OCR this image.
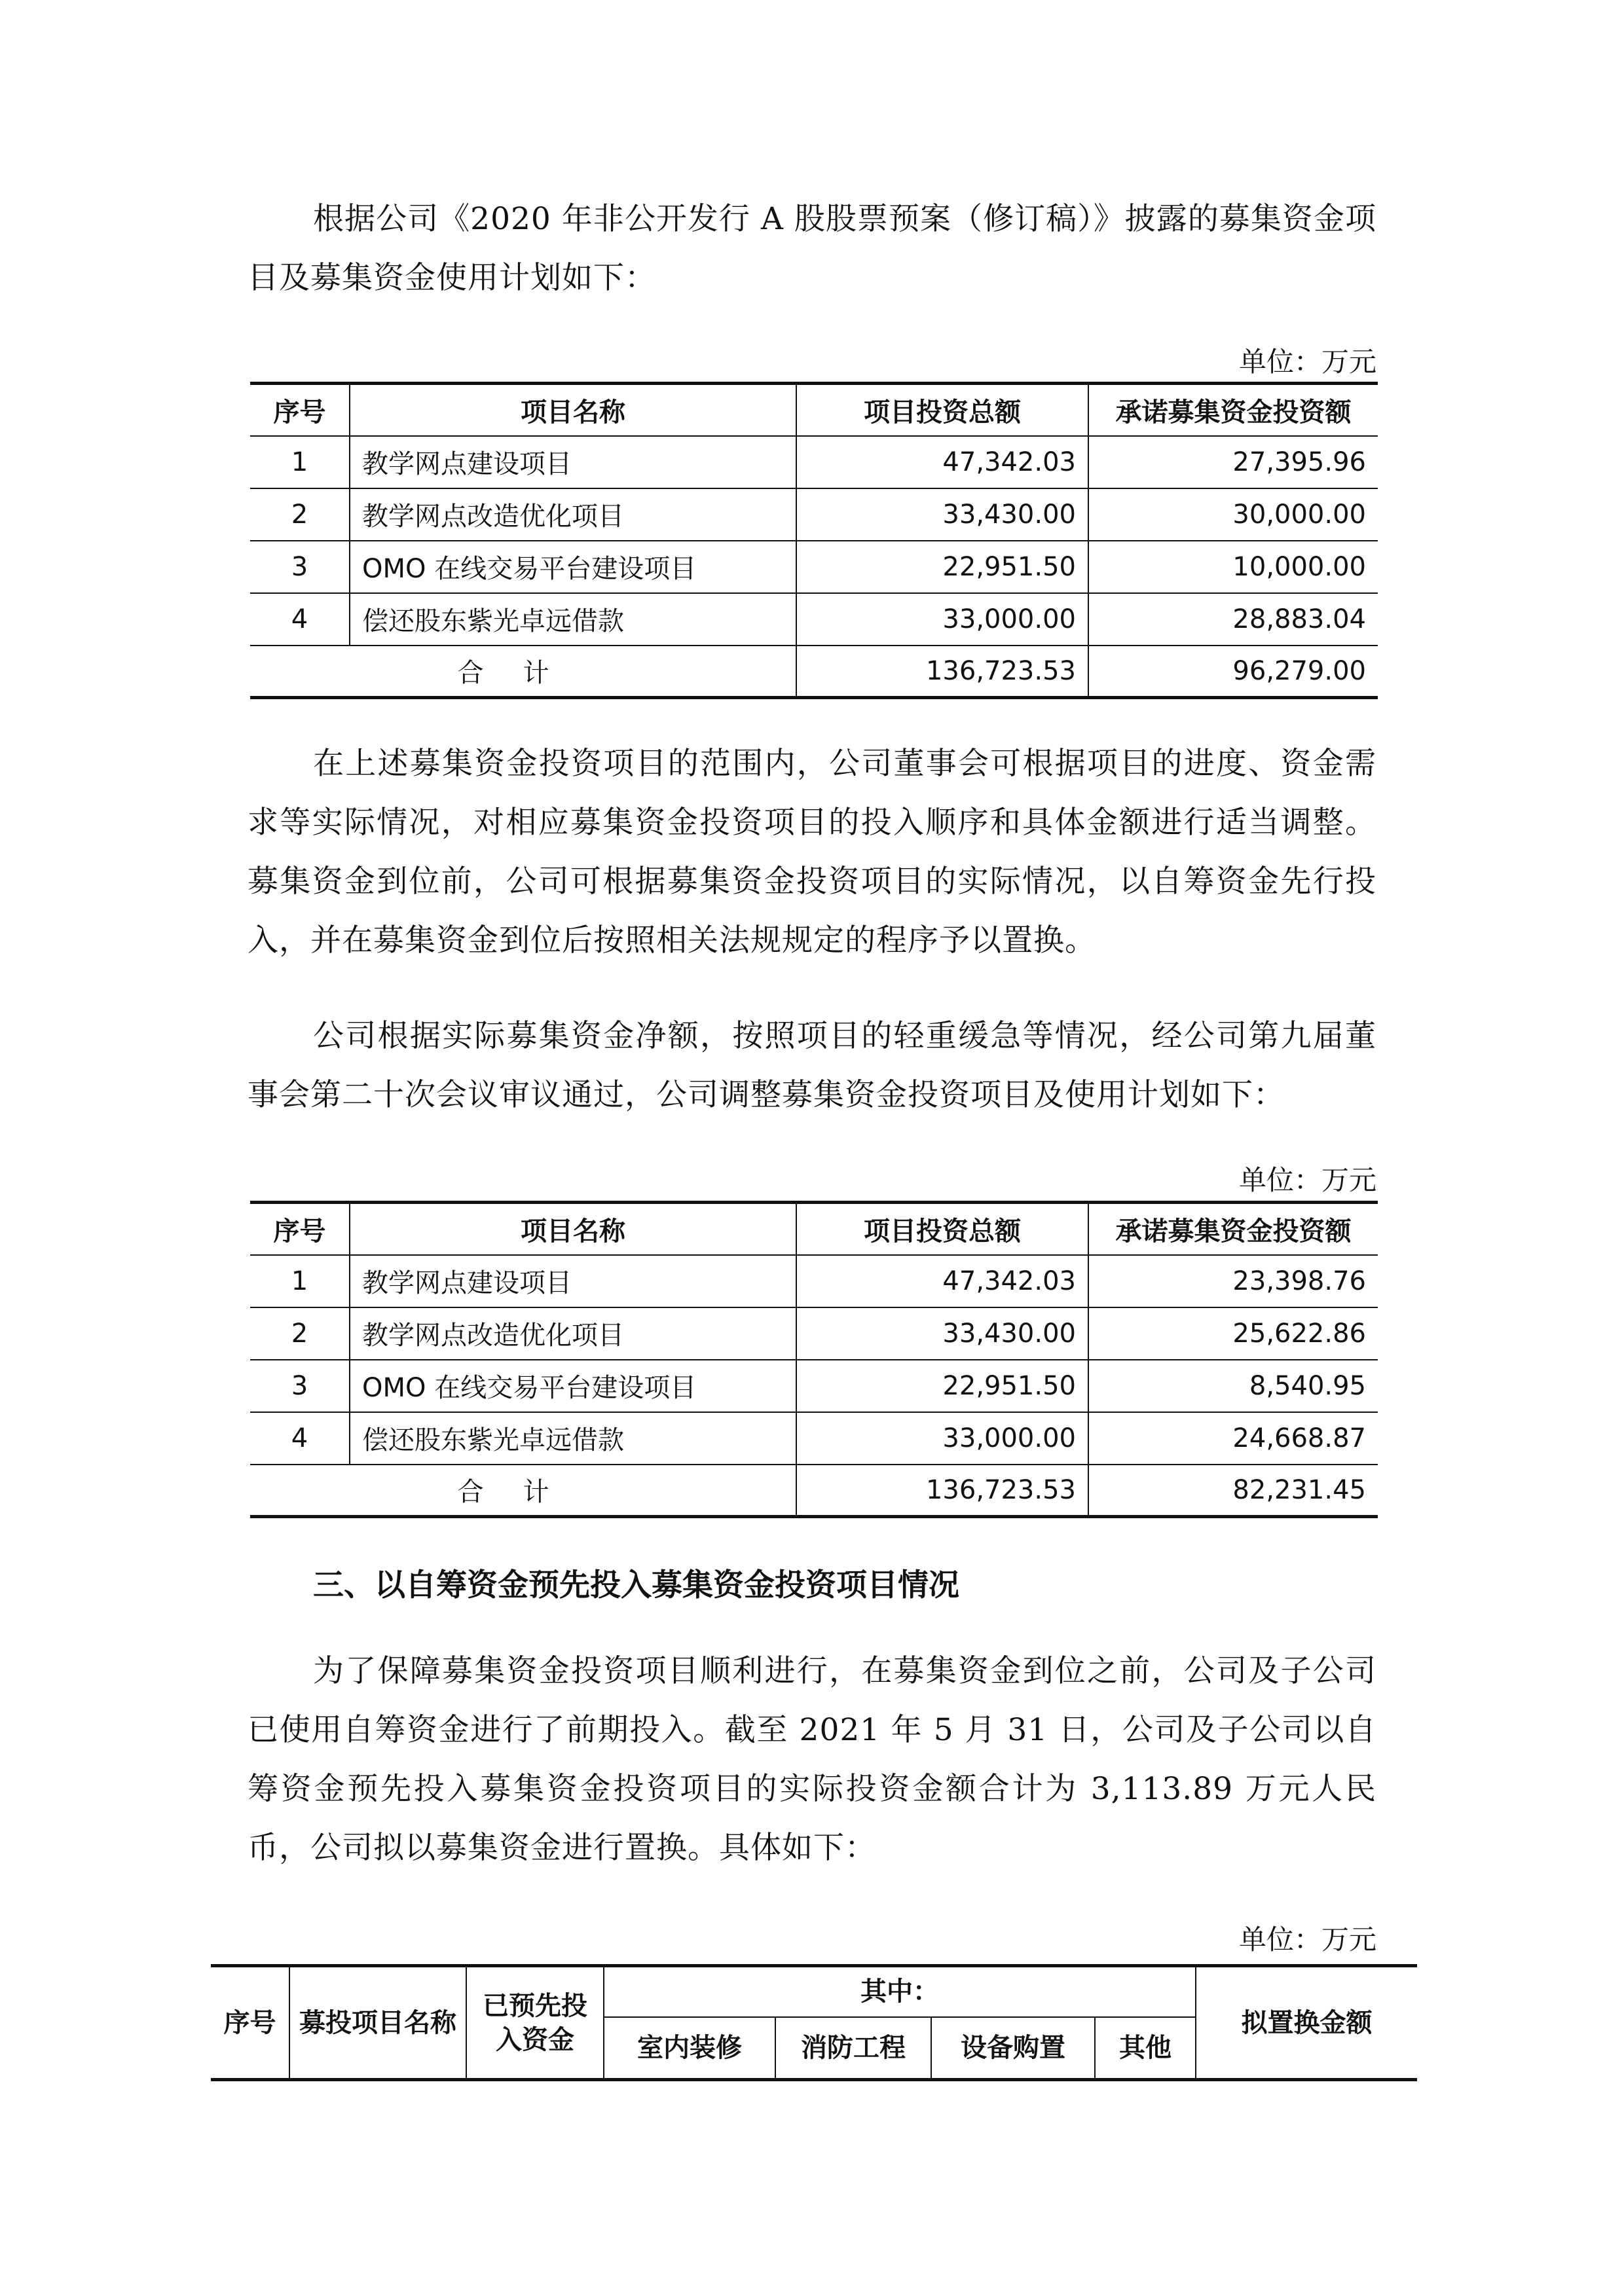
根据公司《2020 年非公开发行 A 股股票预案（修订稿）》披露的募集资金项目及募集资金使用计划如下：

单位：万元
序号	项目名称	项目投资总额	承诺募集资金投资额
1	教学网点建设项目	47,342.03	27,395.96
2	教学网点改造优化项目	33,430.00	30,000.00
3	OMO 在线交易平台建设项目	22,951.50	10,000.00
4	偿还股东紫光卓远借款	33,000.00	28,883.04
合计		136,723.53	96,279.00

在上述募集资金投资项目的范围内，公司董事会可根据项目的进度、资金需求等实际情况，对相应募集资金投资项目的投入顺序和具体金额进行适当调整。募集资金到位前，公司可根据募集资金投资项目的实际情况，以自筹资金先行投入，并在募集资金到位后按照相关法规规定的程序予以置换。

公司根据实际募集资金净额，按照项目的轻重缓急等情况，经公司第九届董事会第二十次会议审议通过，公司调整募集资金投资项目及使用计划如下：

单位：万元
序号	项目名称	项目投资总额	承诺募集资金投资额
1	教学网点建设项目	47,342.03	23,398.76
2	教学网点改造优化项目	33,430.00	25,622.86
3	OMO 在线交易平台建设项目	22,951.50	8,540.95
4	偿还股东紫光卓远借款	33,000.00	24,668.87
合计		136,723.53	82,231.45
三、以自筹资金预先投入募集资金投资项目情况

为了保障募集资金投资项目顺利进行，在募集资金到位之前，公司及子公司已使用自筹资金进行了前期投入。截至 2021 年 5 月 31 日，公司及子公司以自筹资金预先投入募集资金投资项目的实际投资金额合计为 3,113.89 万元人民币，公司拟以募集资金进行置换。具体如下：

单位：万元
序号	募投项目名称	已预先投入资金	其中：				拟置换金额
			室内装修	消防工程	设备购置	其他	
